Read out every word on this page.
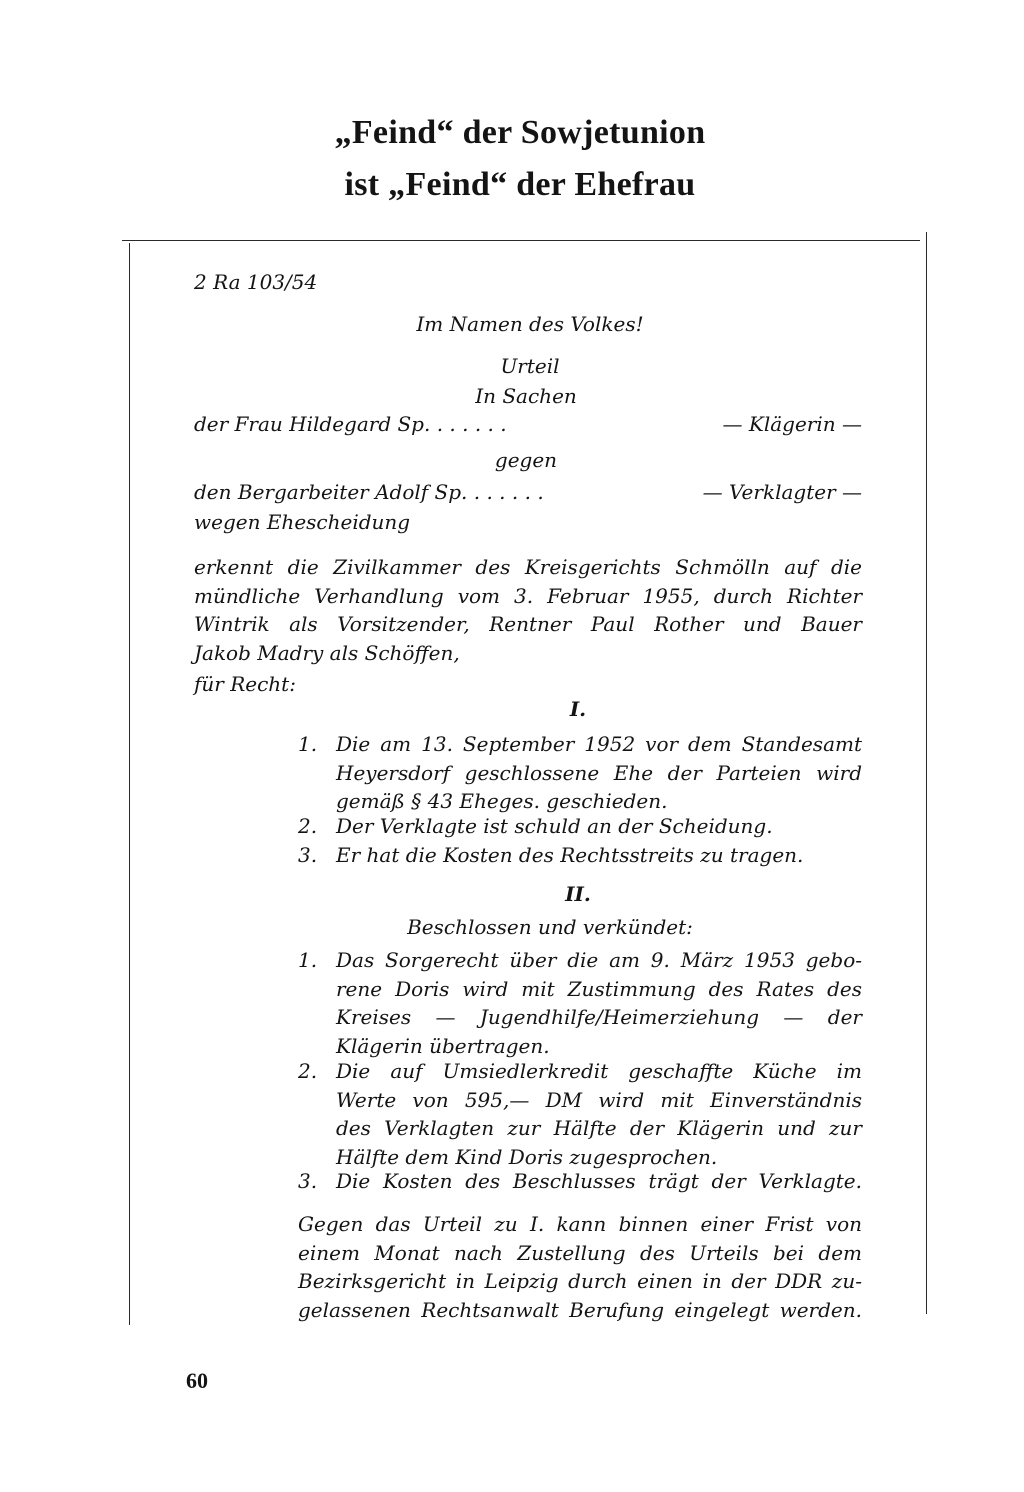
„Feind“ der Sowjetunion
ist „Feind“ der Ehefrau
2 Ra 103/54
Im Namen des Volkes!
Urteil
In Sachen
der Frau Hildegard Sp. . . . . . .	— Klägerin —
gegen
den Bergarbeiter Adolf Sp. . . . . . .	— Verklagter —
wegen Ehescheidung
erkennt die Zivilkammer des Kreisgerichts Schmölln auf die
mündliche Verhandlung vom 3. Februar 1955, durch Richter
Wintrik als Vorsitzender, Rentner Paul Rother und Bauer
Jakob Madry als Schöffen,
für Recht:
I.
1. Die am 13. September 1952 vor dem Standesamt
Heyersdorf geschlossene Ehe der Parteien wird
gemäß § 43 Eheges. geschieden.
2. Der Verklagte ist schuld an der Scheidung.
3. Er hat die Kosten des Rechtsstreits zu tragen.
II.
Beschlossen und verkündet:
1. Das Sorgerecht über die am 9. März 1953 gebo-
rene Doris wird mit Zustimmung des Rates des
Kreises — Jugendhilfe/Heimerziehung — der
Klägerin übertragen.
2. Die auf Umsiedlerkredit geschaffte Küche im
Werte von 595,— DM wird mit Einverständnis
des Verklagten zur Hälfte der Klägerin und zur
Hälfte dem Kind Doris zugesprochen.
3. Die Kosten des Beschlusses trägt der Verklagte.
Gegen das Urteil zu I. kann binnen einer Frist von
einem Monat nach Zustellung des Urteils bei dem
Bezirksgericht in Leipzig durch einen in der DDR zu-
gelassenen Rechtsanwalt Berufung eingelegt werden.
60
